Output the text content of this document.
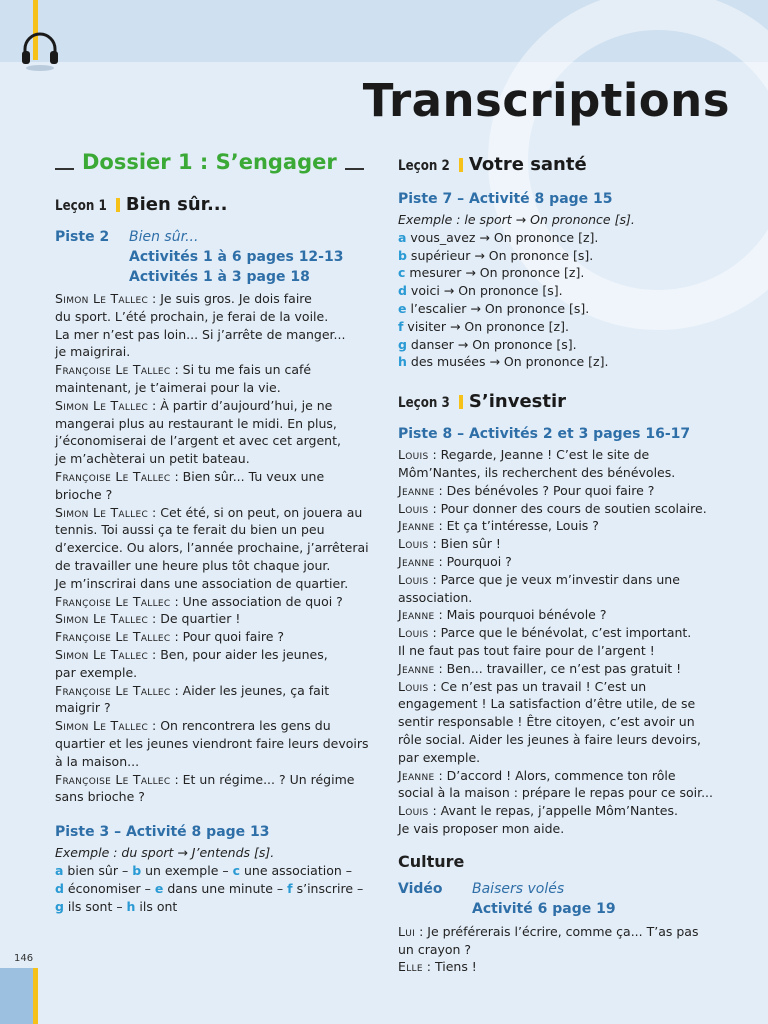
Transcriptions
Dossier 1 : S’engager
Leçon 1 Bien sûr...
Piste 2	Bien sûr...
Activités 1 à 6 pages 12-13
Activités 1 à 3 page 18
Simon Le Tallec : Je suis gros. Je dois faire
du sport. L’été prochain, je ferai de la voile.
La mer n’est pas loin... Si j’arrête de manger...
je maigrirai.
Françoise Le Tallec : Si tu me fais un café
maintenant, je t’aimerai pour la vie.
Simon Le Tallec : À partir d’aujourd’hui, je ne
mangerai plus au restaurant le midi. En plus,
j’économiserai de l’argent et avec cet argent,
je m’achèterai un petit bateau.
Françoise Le Tallec : Bien sûr... Tu veux une
brioche ?
Simon Le Tallec : Cet été, si on peut, on jouera au
tennis. Toi aussi ça te ferait du bien un peu
d’exercice. Ou alors, l’année prochaine, j’arrêterai
de travailler une heure plus tôt chaque jour.
Je m’inscrirai dans une association de quartier.
Françoise Le Tallec : Une association de quoi ?
Simon Le Tallec : De quartier !
Françoise Le Tallec : Pour quoi faire ?
Simon Le Tallec : Ben, pour aider les jeunes,
par exemple.
Françoise Le Tallec : Aider les jeunes, ça fait
maigrir ?
Simon Le Tallec : On rencontrera les gens du
quartier et les jeunes viendront faire leurs devoirs
à la maison...
Françoise Le Tallec : Et un régime... ? Un régime
sans brioche ?
Piste 3 – Activité 8 page 13
Exemple : du sport → J’entends [s].
a bien sûr – b un exemple – c une association –
d économiser – e dans une minute – f s’inscrire –
g ils sont – h ils ont
Leçon 2 Votre santé
Piste 7 – Activité 8 page 15
Exemple : le sport → On prononce [s].
a vous_avez → On prononce [z].
b supérieur → On prononce [s].
c mesurer → On prononce [z].
d voici → On prononce [s].
e l’escalier → On prononce [s].
f visiter → On prononce [z].
g danser → On prononce [s].
h des musées → On prononce [z].
Leçon 3 S’investir
Piste 8 – Activités 2 et 3 pages 16-17
Louis : Regarde, Jeanne ! C’est le site de
Môm’Nantes, ils recherchent des bénévoles.
Jeanne : Des bénévoles ? Pour quoi faire ?
Louis : Pour donner des cours de soutien scolaire.
Jeanne : Et ça t’intéresse, Louis ?
Louis : Bien sûr !
Jeanne : Pourquoi ?
Louis : Parce que je veux m’investir dans une
association.
Jeanne : Mais pourquoi bénévole ?
Louis : Parce que le bénévolat, c’est important.
Il ne faut pas tout faire pour de l’argent !
Jeanne : Ben... travailler, ce n’est pas gratuit !
Louis : Ce n’est pas un travail ! C’est un
engagement ! La satisfaction d’être utile, de se
sentir responsable ! Être citoyen, c’est avoir un
rôle social. Aider les jeunes à faire leurs devoirs,
par exemple.
Jeanne : D’accord ! Alors, commence ton rôle
social à la maison : prépare le repas pour ce soir...
Louis : Avant le repas, j’appelle Môm’Nantes.
Je vais proposer mon aide.
Culture
Vidéo	Baisers volés
Activité 6 page 19
Lui : Je préférerais l’écrire, comme ça... T’as pas
un crayon ?
Elle : Tiens !
146
